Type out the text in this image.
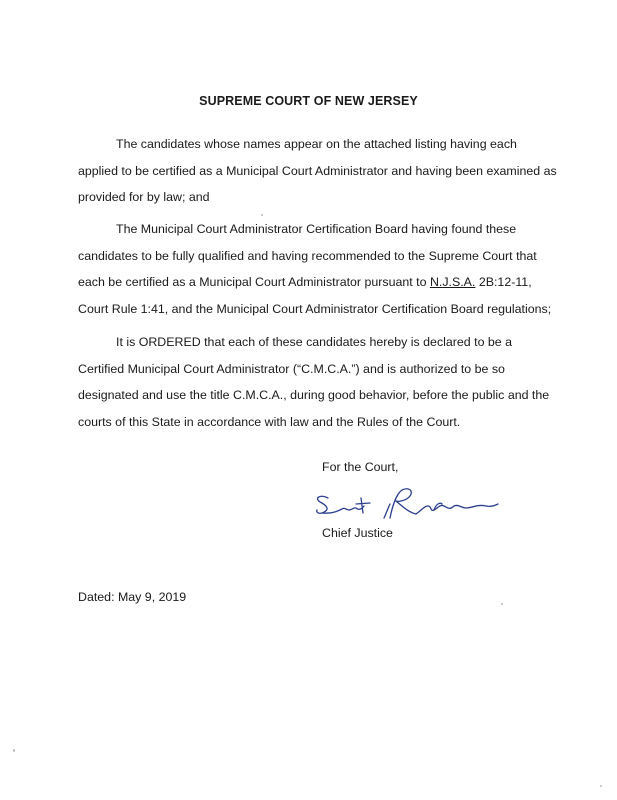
SUPREME COURT OF NEW JERSEY

The candidates whose names appear on the attached listing having each applied to be certified as a Municipal Court Administrator and having been examined as provided for by law; and

The Municipal Court Administrator Certification Board having found these candidates to be fully qualified and having recommended to the Supreme Court that each be certified as a Municipal Court Administrator pursuant to N.J.S.A. 2B:12-11, Court Rule 1:41, and the Municipal Court Administrator Certification Board regulations;

It is ORDERED that each of these candidates hereby is declared to be a Certified Municipal Court Administrator (“C.M.C.A.”) and is authorized to be so designated and use the title C.M.C.A., during good behavior, before the public and the courts of this State in accordance with law and the Rules of the Court.

For the Court,
Chief Justice
Dated: May 9, 2019
